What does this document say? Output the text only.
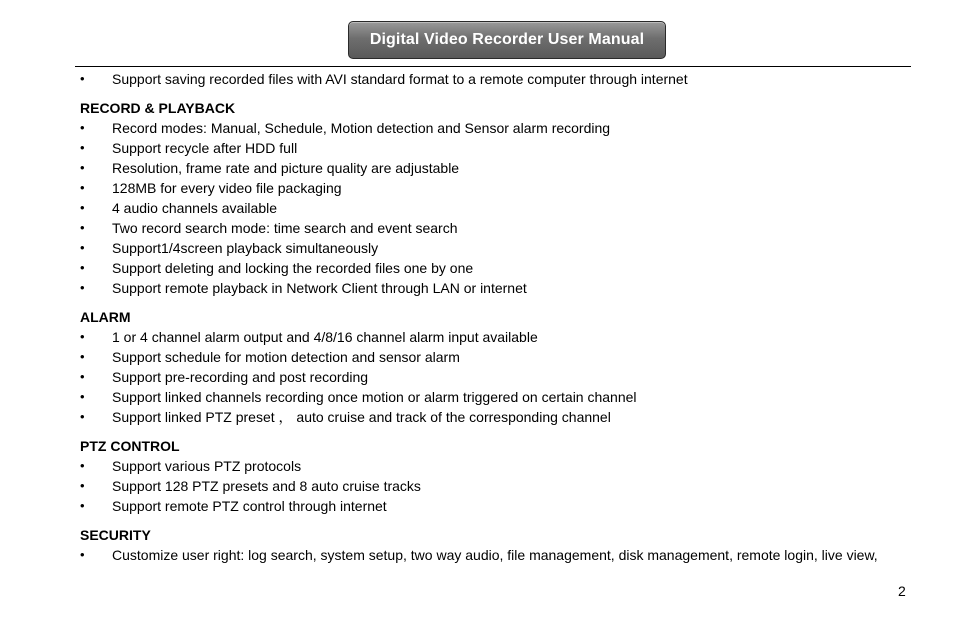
Digital Video Recorder User Manual
• Support saving recorded files with AVI standard format to a remote computer through internet
RECORD & PLAYBACK
• Record modes: Manual, Schedule, Motion detection and Sensor alarm recording
• Support recycle after HDD full
• Resolution, frame rate and picture quality are adjustable
• 128MB for every video file packaging
• 4 audio channels available
• Two record search mode: time search and event search
• Support1/4screen playback simultaneously
• Support deleting and locking the recorded files one by one
• Support remote playback in Network Client through LAN or internet
ALARM
• 1 or 4 channel alarm output and 4/8/16 channel alarm input available
• Support schedule for motion detection and sensor alarm
• Support pre-recording and post recording
• Support linked channels recording once motion or alarm triggered on certain channel
• Support linked PTZ preset ， auto cruise and track of the corresponding channel
PTZ CONTROL
• Support various PTZ protocols
• Support 128 PTZ presets and 8 auto cruise tracks
• Support remote PTZ control through internet
SECURITY
• Customize user right: log search, system setup, two way audio, file management, disk management, remote login, live view,
2
